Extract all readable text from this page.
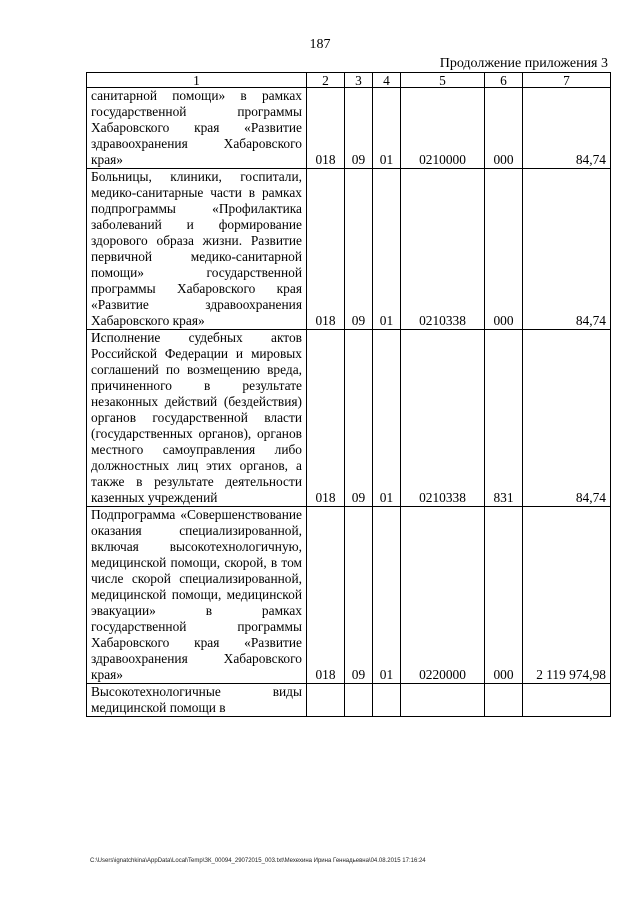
187
Продолжение приложения 3
1	2	3	4	5	6	7
санитарной помощи» в рамках государственной программы Хабаровского края «Развитие здравоохранения Хабаровского края»	018	09	01	0210000	000	84,74
Больницы, клиники, госпитали, медико-санитарные части в рамках подпрограммы «Профилактика заболеваний и формирование здорового образа жизни. Развитие первичной медико-санитарной помощи» государственной программы Хабаровского края «Развитие здравоохранения Хабаровского края»	018	09	01	0210338	000	84,74
Исполнение судебных актов Российской Федерации и мировых соглашений по возмещению вреда, причиненного в результате незаконных действий (бездействия) органов государственной власти (государственных органов), органов местного самоуправления либо должностных лиц этих органов, а также в результате деятельности казенных учреждений	018	09	01	0210338	831	84,74
Подпрограмма «Совершенствование оказания специализированной, включая высокотехнологичную, медицинской помощи, скорой, в том числе скорой специализированной, медицинской помощи, медицинской эвакуации» в рамках государственной программы Хабаровского края «Развитие здравоохранения Хабаровского края»	018	09	01	0220000	000	2 119 974,98
Высокотехнологичные виды медицинской помощи в						
C:\Users\ignatchkina\AppData\Local\Temp\ЗК_00094_29072015_003.txt\Мехехина Ирина Геннадьевна\04.08.2015 17:16:24
